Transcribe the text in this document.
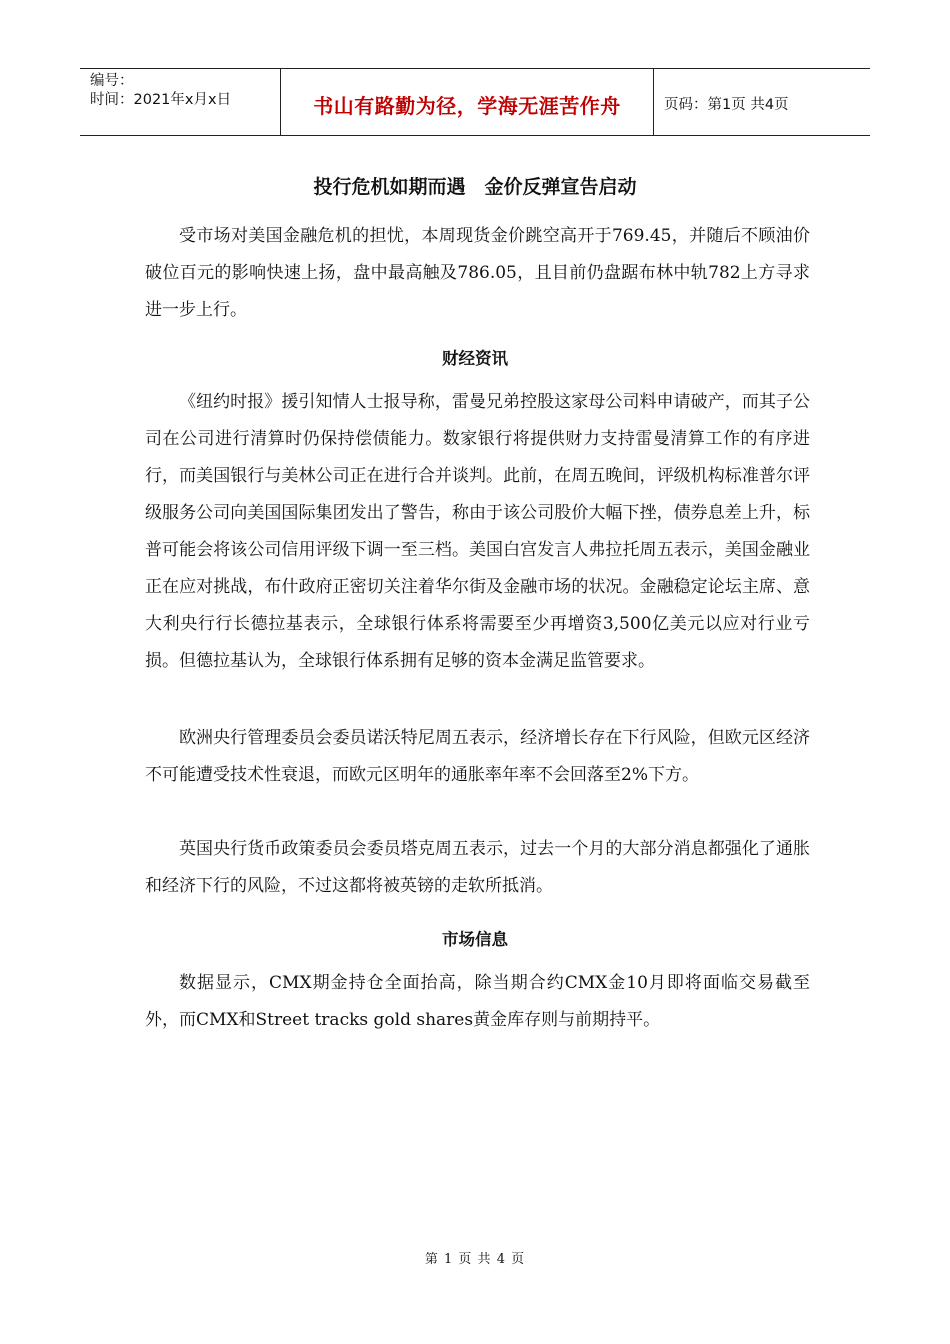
编号：
时间：2021年x月x日	书山有路勤为径，学海无涯苦作舟	页码：第1页 共4页
投行危机如期而遇　金价反弹宣告启动

受市场对美国金融危机的担忧，本周现货金价跳空高开于769.45，并随后不顾油价破位百元的影响快速上扬，盘中最高触及786.05，且目前仍盘踞布林中轨782上方寻求进一步上行。

财经资讯

《纽约时报》援引知情人士报导称，雷曼兄弟控股这家母公司料申请破产，而其子公司在公司进行清算时仍保持偿债能力。数家银行将提供财力支持雷曼清算工作的有序进行，而美国银行与美林公司正在进行合并谈判。此前，在周五晚间，评级机构标准普尔评级服务公司向美国国际集团发出了警告，称由于该公司股价大幅下挫，债券息差上升，标普可能会将该公司信用评级下调一至三档。美国白宫发言人弗拉托周五表示，美国金融业正在应对挑战，布什政府正密切关注着华尔街及金融市场的状况。金融稳定论坛主席、意大利央行行长德拉基表示，全球银行体系将需要至少再增资3,500亿美元以应对行业亏损。但德拉基认为，全球银行体系拥有足够的资本金满足监管要求。

欧洲央行管理委员会委员诺沃特尼周五表示，经济增长存在下行风险，但欧元区经济不可能遭受技术性衰退，而欧元区明年的通胀率年率不会回落至2%下方。

英国央行货币政策委员会委员塔克周五表示，过去一个月的大部分消息都强化了通胀和经济下行的风险，不过这都将被英镑的走软所抵消。

市场信息

数据显示，CMX期金持仓全面抬高，除当期合约CMX金10月即将面临交易截至外，而CMX和Street tracks gold shares黄金库存则与前期持平。

第 1 页 共 4 页
